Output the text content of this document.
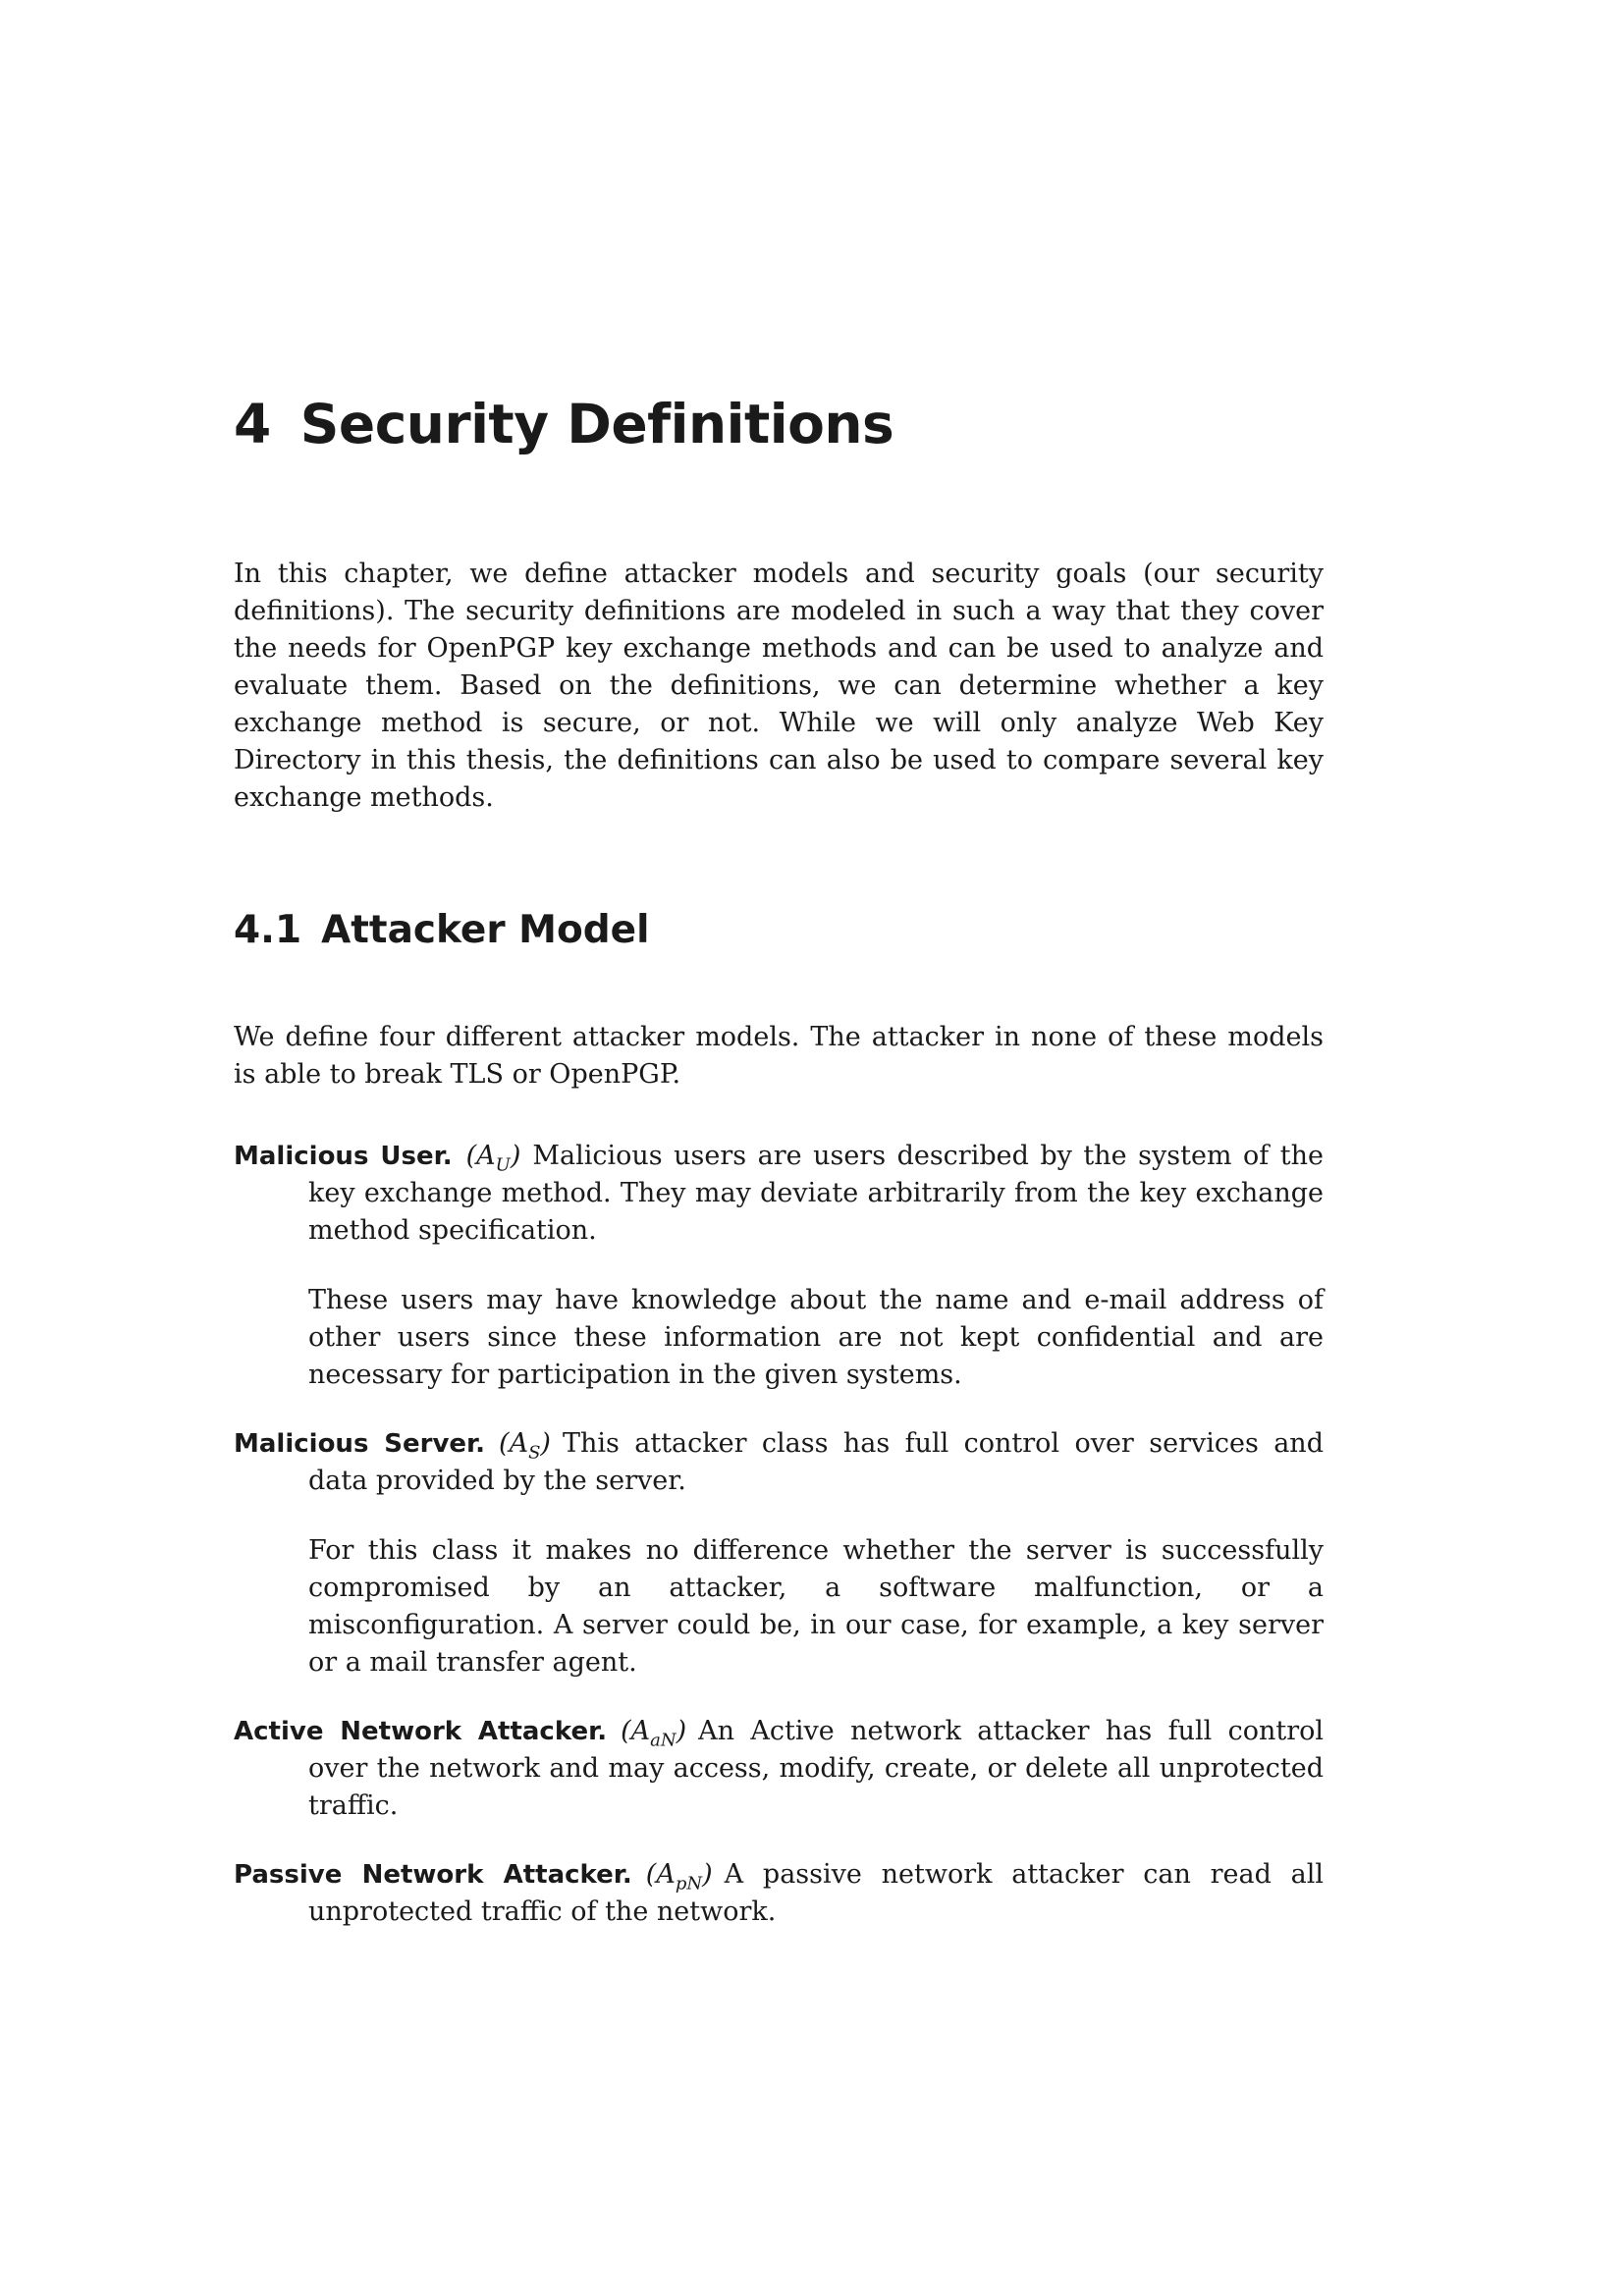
4 Security Definitions

In this chapter, we define attacker models and security goals (our security definitions). The security definitions are modeled in such a way that they cover the needs for OpenPGP key exchange methods and can be used to analyze and evaluate them. Based on the definitions, we can determine whether a key exchange method is secure, or not. While we will only analyze Web Key Directory in this thesis, the definitions can also be used to compare several key exchange methods.

4.1 Attacker Model

We define four different attacker models. The attacker in none of these models is able to break TLS or OpenPGP.

Malicious User. $(A_U)$ Malicious users are users described by the system of the key exchange method. They may deviate arbitrarily from the key exchange method specification.

These users may have knowledge about the name and e-mail address of other users since these information are not kept confidential and are necessary for participation in the given systems.

Malicious Server. $(A_S)$ This attacker class has full control over services and data provided by the server.

For this class it makes no difference whether the server is successfully compromised by an attacker, a software malfunction, or a misconfiguration. A server could be, in our case, for example, a key server or a mail transfer agent.

Active Network Attacker. $(A_{aN})$ An Active network attacker has full control over the network and may access, modify, create, or delete all unprotected traffic.

Passive Network Attacker. $(A_{pN})$ A passive network attacker can read all unprotected traffic of the network.
